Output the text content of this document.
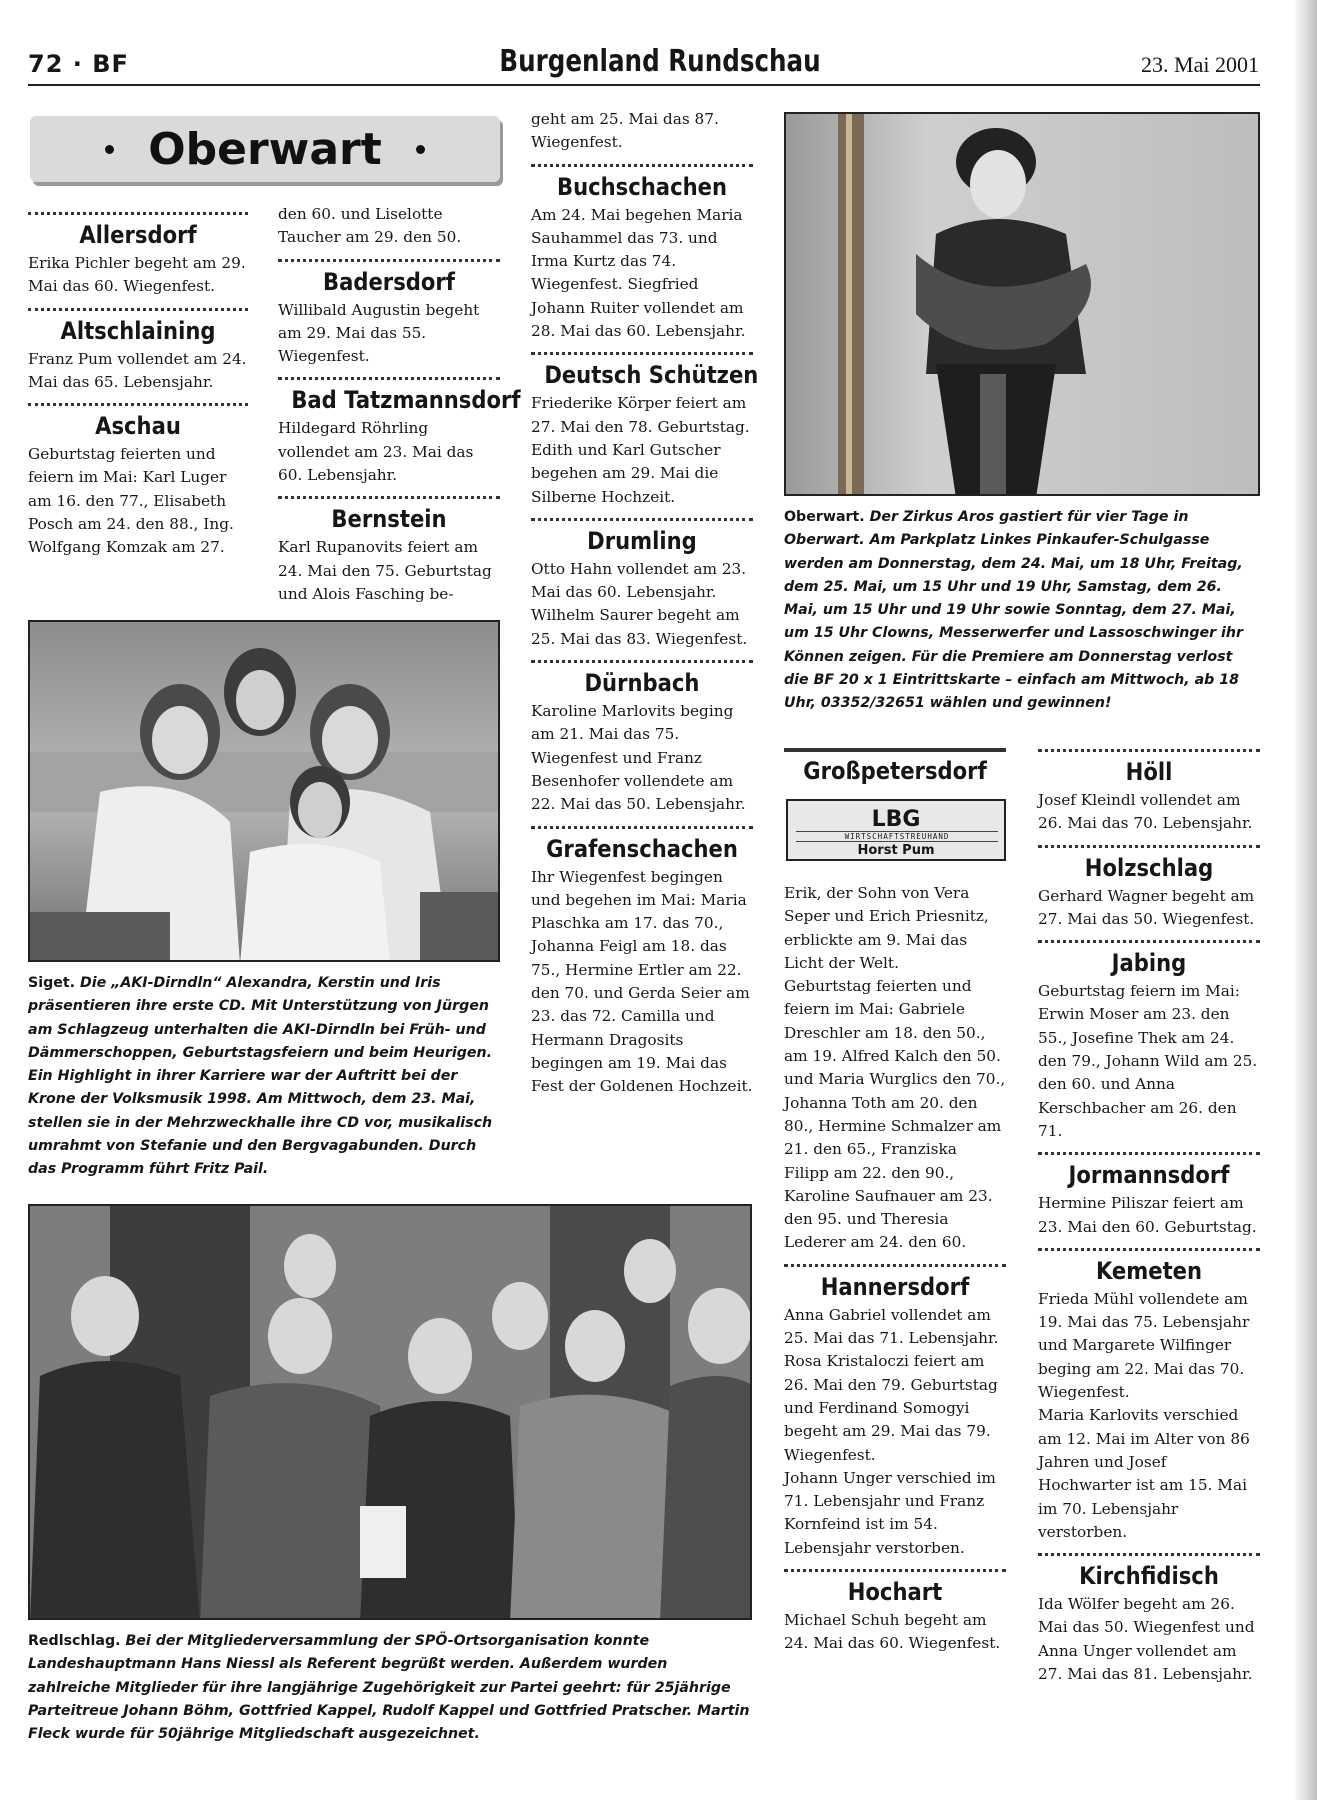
72 · BF	Burgenland Rundschau	23. Mai 2001
Oberwart
Allersdorf
Erika Pichler begeht am 29. Mai das 60. Wiegenfest.
Altschlaining
Franz Pum vollendet am 24. Mai das 65. Lebensjahr.
Aschau
Geburtstag feierten und feiern im Mai: Karl Luger am 16. den 77., Elisabeth Posch am 24. den 88., Ing. Wolfgang Komzak am 27.
den 60. und Liselotte Taucher am 29. den 50.
Badersdorf
Willibald Augustin begeht am 29. Mai das 55. Wiegenfest.
Bad Tatzmannsdorf
Hildegard Röhrling vollendet am 23. Mai das 60. Lebensjahr.
Bernstein
Karl Rupanovits feiert am 24. Mai den 75. Geburtstag und Alois Fasching be-
Siget. Die „AKI-Dirndln“ Alexandra, Kerstin und Iris präsentieren ihre erste CD. Mit Unterstützung von Jürgen am Schlagzeug unterhalten die AKI-Dirndln bei Früh- und Dämmerschoppen, Geburtstagsfeiern und beim Heurigen. Ein Highlight in ihrer Karriere war der Auftritt bei der Krone der Volksmusik 1998. Am Mittwoch, dem 23. Mai, stellen sie in der Mehrzweckhalle ihre CD vor, musikalisch umrahmt von Stefanie und den Bergvagabunden. Durch das Programm führt Fritz Pail.
geht am 25. Mai das 87. Wiegenfest.
Buchschachen
Am 24. Mai begehen Maria Sauhammel das 73. und Irma Kurtz das 74. Wiegenfest. Siegfried Johann Ruiter vollendet am 28. Mai das 60. Lebensjahr.
Deutsch Schützen
Friederike Körper feiert am 27. Mai den 78. Geburtstag. Edith und Karl Gutscher begehen am 29. Mai die Silberne Hochzeit.
Drumling
Otto Hahn vollendet am 23. Mai das 60. Lebensjahr. Wilhelm Saurer begeht am 25. Mai das 83. Wiegenfest.
Dürnbach
Karoline Marlovits beging am 21. Mai das 75. Wiegenfest und Franz Besenhofer vollendete am 22. Mai das 50. Lebensjahr.
Grafenschachen
Ihr Wiegenfest begingen und begehen im Mai: Maria Plaschka am 17. das 70., Johanna Feigl am 18. das 75., Hermine Ertler am 22. den 70. und Gerda Seier am 23. das 72. Camilla und Hermann Dragosits begingen am 19. Mai das Fest der Goldenen Hochzeit.
Oberwart. Der Zirkus Aros gastiert für vier Tage in Oberwart. Am Parkplatz Linkes Pinkaufer-Schulgasse werden am Donnerstag, dem 24. Mai, um 18 Uhr, Freitag, dem 25. Mai, um 15 Uhr und 19 Uhr, Samstag, dem 26. Mai, um 15 Uhr und 19 Uhr sowie Sonntag, dem 27. Mai, um 15 Uhr Clowns, Messerwerfer und Lassoschwinger ihr Können zeigen. Für die Premiere am Donnerstag verlost die BF 20 x 1 Eintrittskarte – einfach am Mittwoch, ab 18 Uhr, 03352/32651 wählen und gewinnen!
Großpetersdorf
LBG
WIRTSCHAFTSTREUHAND
Horst Pum
Erik, der Sohn von Vera Seper und Erich Priesnitz, erblickte am 9. Mai das Licht der Welt.
Geburtstag feierten und feiern im Mai: Gabriele Dreschler am 18. den 50., am 19. Alfred Kalch den 50. und Maria Wurglics den 70., Johanna Toth am 20. den 80., Hermine Schmalzer am 21. den 65., Franziska Filipp am 22. den 90., Karoline Saufnauer am 23. den 95. und Theresia Lederer am 24. den 60.
Hannersdorf
Anna Gabriel vollendet am 25. Mai das 71. Lebensjahr. Rosa Kristaloczi feiert am 26. Mai den 79. Geburtstag und Ferdinand Somogyi begeht am 29. Mai das 79. Wiegenfest.
Johann Unger verschied im 71. Lebensjahr und Franz Kornfeind ist im 54. Lebensjahr verstorben.
Hochart
Michael Schuh begeht am 24. Mai das 60. Wiegenfest.
Höll
Josef Kleindl vollendet am 26. Mai das 70. Lebensjahr.
Holzschlag
Gerhard Wagner begeht am 27. Mai das 50. Wiegenfest.
Jabing
Geburtstag feiern im Mai: Erwin Moser am 23. den 55., Josefine Thek am 24. den 79., Johann Wild am 25. den 60. und Anna Kerschbacher am 26. den 71.
Jormannsdorf
Hermine Piliszar feiert am 23. Mai den 60. Geburtstag.
Kemeten
Frieda Mühl vollendete am 19. Mai das 75. Lebensjahr und Margarete Wilfinger beging am 22. Mai das 70. Wiegenfest.
Maria Karlovits verschied am 12. Mai im Alter von 86 Jahren und Josef Hochwarter ist am 15. Mai im 70. Lebensjahr verstorben.
Kirchfidisch
Ida Wölfer begeht am 26. Mai das 50. Wiegenfest und Anna Unger vollendet am 27. Mai das 81. Lebensjahr.
Redlschlag. Bei der Mitgliederversammlung der SPÖ-Ortsorganisation konnte Landeshauptmann Hans Niessl als Referent begrüßt werden. Außerdem wurden zahlreiche Mitglieder für ihre langjährige Zugehörigkeit zur Partei geehrt: für 25jährige Parteitreue Johann Böhm, Gottfried Kappel, Rudolf Kappel und Gottfried Pratscher. Martin Fleck wurde für 50jährige Mitgliedschaft ausgezeichnet.
